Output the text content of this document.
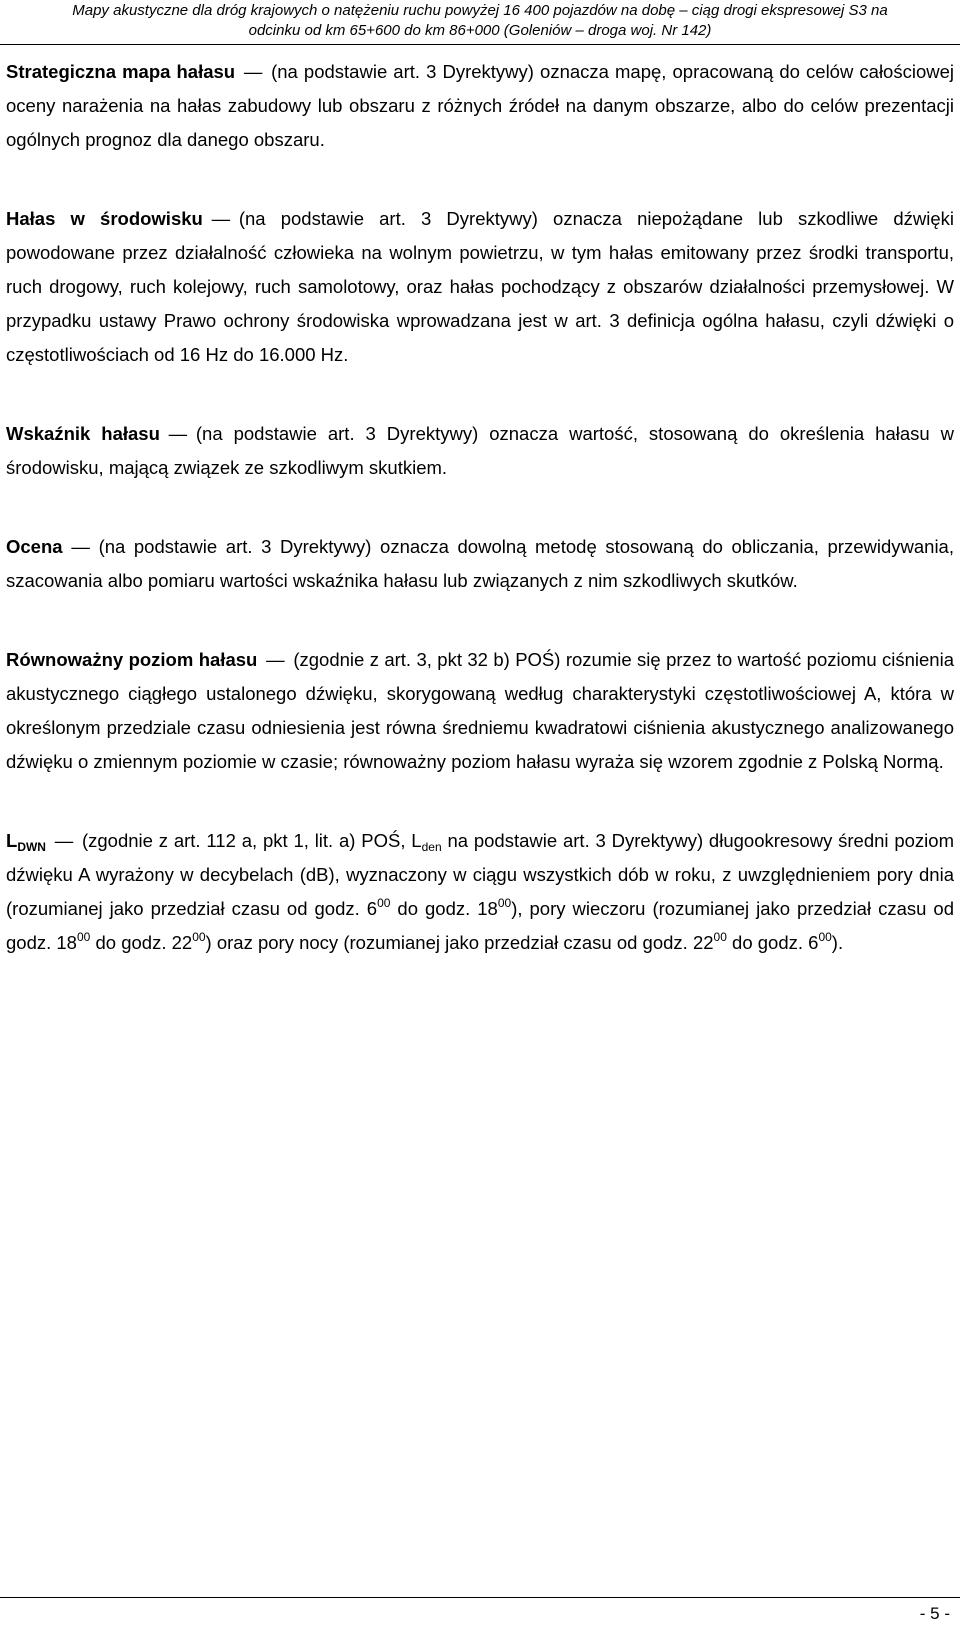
Mapy akustyczne dla dróg krajowych o natężeniu ruchu powyżej 16 400 pojazdów na dobę – ciąg drogi ekspresowej S3 na
odcinku od km 65+600 do km 86+000 (Goleniów – droga woj. Nr 142)

Strategiczna mapa hałasu — (na podstawie art. 3 Dyrektywy) oznacza mapę, opracowaną do celów całościowej oceny narażenia na hałas zabudowy lub obszaru z różnych źródeł na danym obszarze, albo do celów prezentacji ogólnych prognoz dla danego obszaru.

Hałas w środowisku — (na podstawie art. 3 Dyrektywy) oznacza niepożądane lub szkodliwe dźwięki powodowane przez działalność człowieka na wolnym powietrzu, w tym hałas emitowany przez środki transportu, ruch drogowy, ruch kolejowy, ruch samolotowy, oraz hałas pochodzący z obszarów działalności przemysłowej. W przypadku ustawy Prawo ochrony środowiska wprowadzana jest w art. 3 definicja ogólna hałasu, czyli dźwięki o częstotliwościach od 16 Hz do 16.000 Hz.

Wskaźnik hałasu — (na podstawie art. 3 Dyrektywy) oznacza wartość, stosowaną do określenia hałasu w środowisku, mającą związek ze szkodliwym skutkiem.

Ocena — (na podstawie art. 3 Dyrektywy) oznacza dowolną metodę stosowaną do obliczania, przewidywania, szacowania albo pomiaru wartości wskaźnika hałasu lub związanych z nim szkodliwych skutków.

Równoważny poziom hałasu — (zgodnie z art. 3, pkt 32 b) POŚ) rozumie się przez to wartość poziomu ciśnienia akustycznego ciągłego ustalonego dźwięku, skorygowaną według charakterystyki częstotliwościowej A, która w określonym przedziale czasu odniesienia jest równa średniemu kwadratowi ciśnienia akustycznego analizowanego dźwięku o zmiennym poziomie w czasie; równoważny poziom hałasu wyraża się wzorem zgodnie z Polską Normą.

$L_{DWN}$ — (zgodnie z art. 112 a, pkt 1, lit. a) POŚ, $L_{den}$ na podstawie art. 3 Dyrektywy) długookresowy średni poziom dźwięku A wyrażony w decybelach (dB), wyznaczony w ciągu wszystkich dób w roku, z uwzględnieniem pory dnia (rozumianej jako przedział czasu od godz. $6^{00}$ do godz. $18^{00}$), pory wieczoru (rozumianej jako przedział czasu od godz. $18^{00}$ do godz. $22^{00}$) oraz pory nocy (rozumianej jako przedział czasu od godz. $22^{00}$ do godz. $6^{00}$).

- 5 -
